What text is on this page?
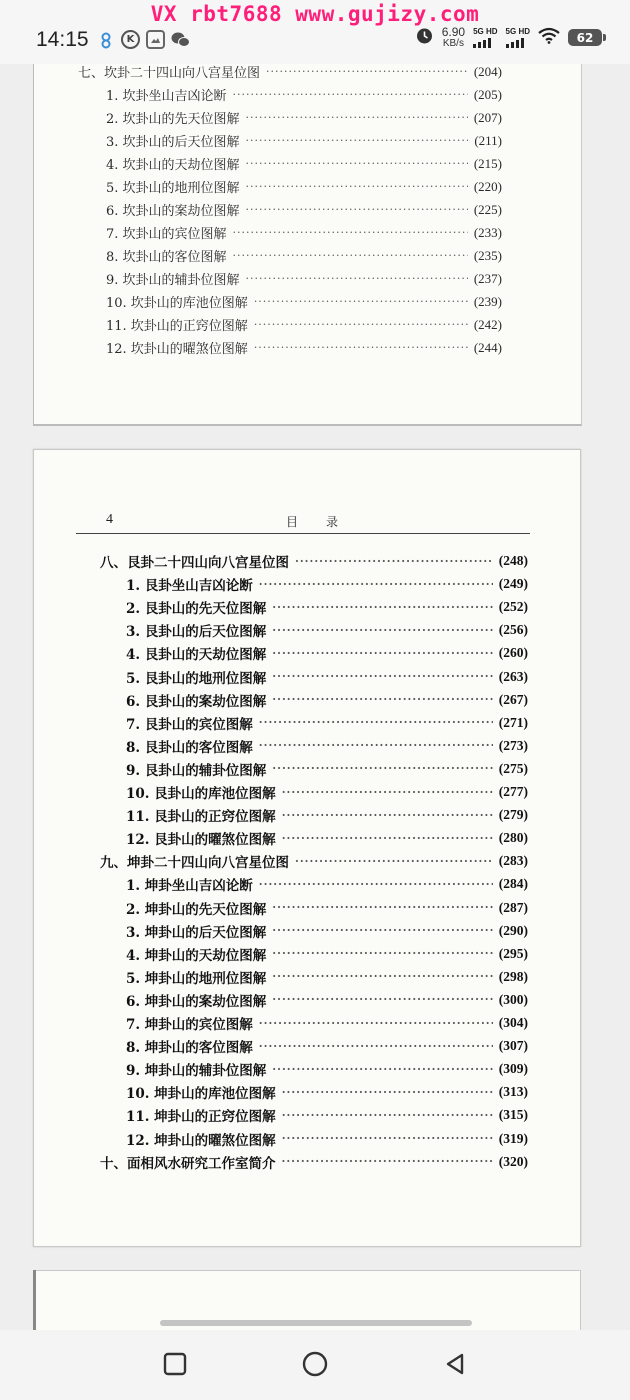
VX rbt7688 www.gujizy.com
14:15	K
6.90
KB/s
5G HD 5G HD	62
七、坎卦二十四山向八宫星位图 ·····	(204)
1. 坎卦坐山吉凶论断 ·····	(205)
2. 坎卦山的先天位图解 ·····	(207)
3. 坎卦山的后天位图解 ·····	(211)
4. 坎卦山的天劫位图解 ·····	(215)
5. 坎卦山的地刑位图解 ·····	(220)
6. 坎卦山的案劫位图解 ·····	(225)
7. 坎卦山的宾位图解 ·····	(233)
8. 坎卦山的客位图解 ·····	(235)
9. 坎卦山的辅卦位图解 ·····	(237)
10. 坎卦山的库池位图解 ·····	(239)
11. 坎卦山的正窍位图解 ·····	(242)
12. 坎卦山的曜煞位图解 ·····	(244)
4	目录
八、艮卦二十四山向八宫星位图 ·····	(248)
1. 艮卦坐山吉凶论断 ·····	(249)
2. 艮卦山的先天位图解 ·····	(252)
3. 艮卦山的后天位图解 ·····	(256)
4. 艮卦山的天劫位图解 ·····	(260)
5. 艮卦山的地刑位图解 ·····	(263)
6. 艮卦山的案劫位图解 ·····	(267)
7. 艮卦山的宾位图解 ·····	(271)
8. 艮卦山的客位图解 ·····	(273)
9. 艮卦山的辅卦位图解 ·····	(275)
10. 艮卦山的库池位图解 ·····	(277)
11. 艮卦山的正窍位图解 ·····	(279)
12. 艮卦山的曜煞位图解 ·····	(280)
九、坤卦二十四山向八宫星位图 ·····	(283)
1. 坤卦坐山吉凶论断 ·····	(284)
2. 坤卦山的先天位图解 ·····	(287)
3. 坤卦山的后天位图解 ·····	(290)
4. 坤卦山的天劫位图解 ·····	(295)
5. 坤卦山的地刑位图解 ·····	(298)
6. 坤卦山的案劫位图解 ·····	(300)
7. 坤卦山的宾位图解 ·····	(304)
8. 坤卦山的客位图解 ·····	(307)
9. 坤卦山的辅卦位图解 ·····	(309)
10. 坤卦山的库池位图解 ·····	(313)
11. 坤卦山的正窍位图解 ·····	(315)
12. 坤卦山的曜煞位图解 ·····	(319)
十、面相风水研究工作室简介 ·····	(320)
